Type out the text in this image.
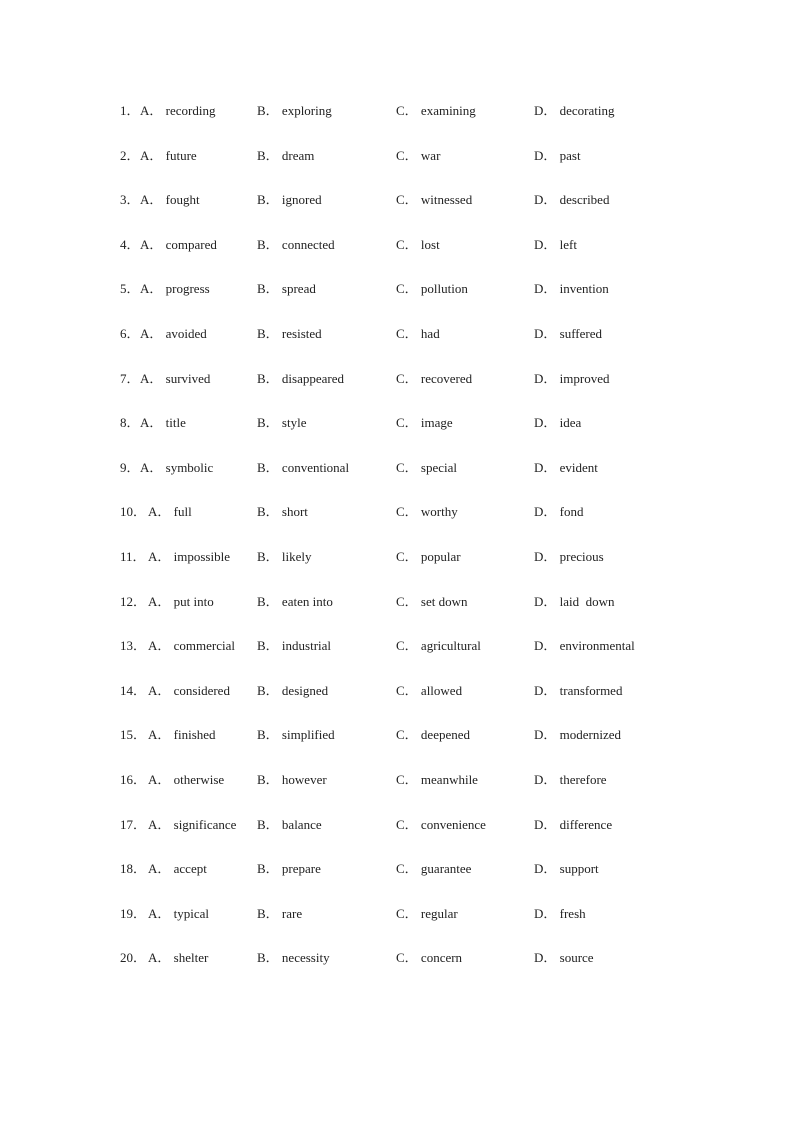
1． A． recording	B． exploring	C． examining	D． decorating
2． A． future	B． dream	C． war	D． past
3． A． fought	B． ignored	C． witnessed	D． described
4． A． compared	B． connected	C． lost	D． left
5． A． progress	B． spread	C． pollution	D． invention
6． A． avoided	B． resisted	C． had	D． suffered
7． A． survived	B． disappeared	C． recovered	D． improved
8． A． title	B． style	C． image	D． idea
9． A． symbolic	B． conventional	C． special	D． evident
10． A． full	B． short	C． worthy	D． fond
11． A． impossible B． likely	C． popular	D． precious
12． A． put into	B． eaten into	C． set down	D． laid  down
13． A． commercial B． industrial	C． agricultural	D． environmental
14． A． considered B． designed	C． allowed	D． transformed
15． A． finished	B． simplified	C． deepened	D． modernized
16． A． otherwise	B． however	C． meanwhile	D． therefore
17． A． significance B． balance	C． convenience	D． difference
18． A． accept	B． prepare	C． guarantee	D． support
19． A． typical	B． rare	C． regular	D． fresh
20． A． shelter	B． necessity	C． concern	D． source
